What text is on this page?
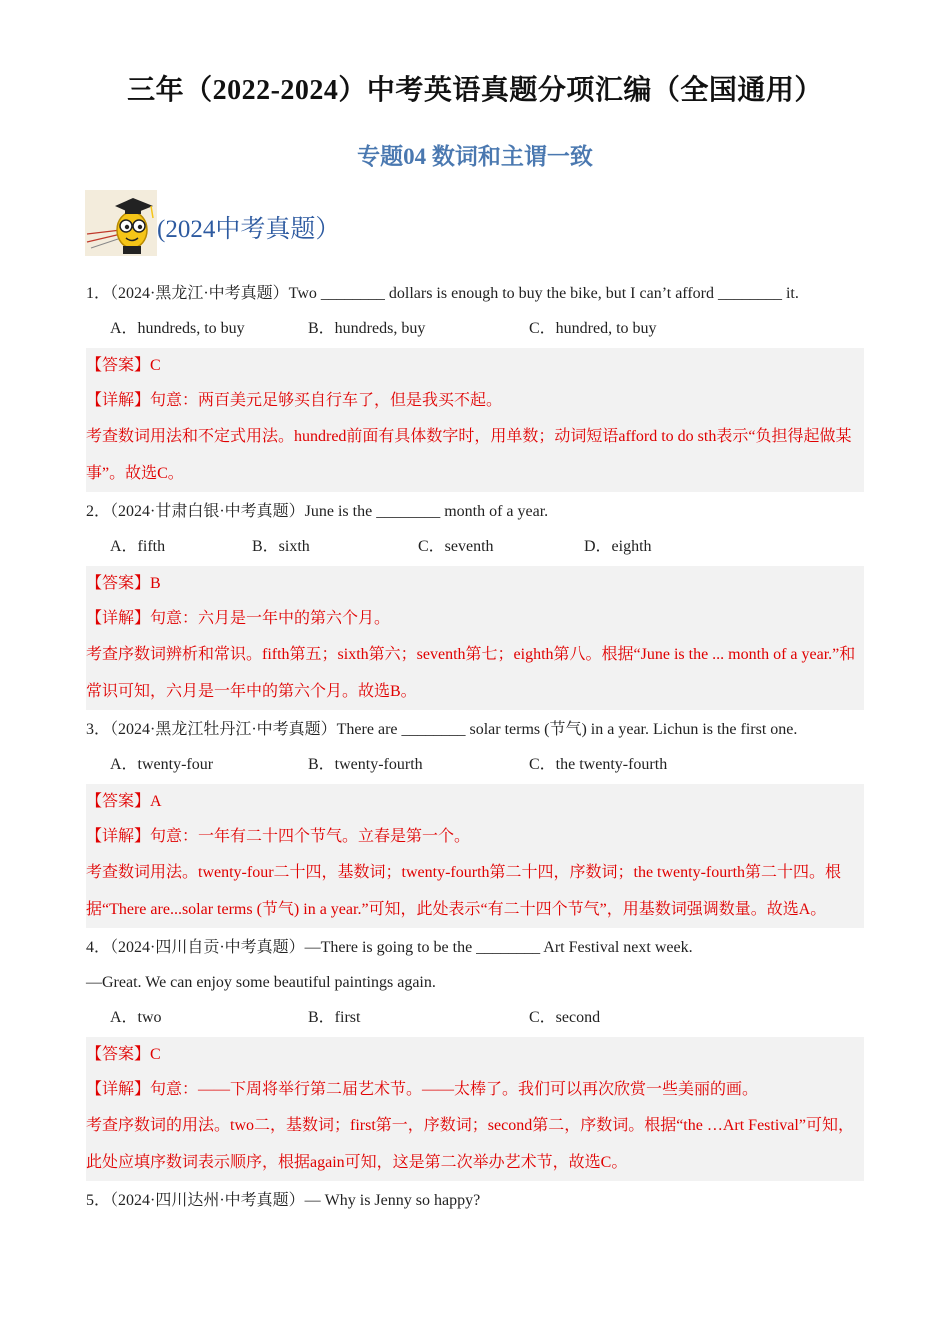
三年（2022-2024）中考英语真题分项汇编（全国通用）
专题04 数词和主谓一致
(2024中考真题）
1．（2024·黑龙江·中考真题）Two ________ dollars is enough to buy the bike, but I can’t afford ________ it.
A．hundreds, to buy	B．hundreds, buy	C．hundred, to buy

【答案】C

【详解】句意：两百美元足够买自行车了，但是我买不起。

考查数词用法和不定式用法。hundred前面有具体数字时，用单数；动词短语afford to do sth表示“负担得起做某事”。故选C。

2．（2024·甘肃白银·中考真题）June is the ________ month of a year.
A．fifth	B．sixth	C．seventh	D．eighth

【答案】B

【详解】句意：六月是一年中的第六个月。

考查序数词辨析和常识。fifth第五；sixth第六；seventh第七；eighth第八。根据“June is the ... month of a year.”和常识可知，六月是一年中的第六个月。故选B。

3．（2024·黑龙江牡丹江·中考真题）There are ________ solar terms (节气) in a year. Lichun is the first one.
A．twenty-four	B．twenty-fourth	C．the twenty-fourth

【答案】A

【详解】句意：一年有二十四个节气。立春是第一个。

考查数词用法。twenty-four二十四，基数词；twenty-fourth第二十四，序数词；the twenty-fourth第二十四。根据“There are...solar terms (节气) in a year.”可知，此处表示“有二十四个节气”，用基数词强调数量。故选A。

4．（2024·四川自贡·中考真题）—There is going to be the ________ Art Festival next week.
—Great. We can enjoy some beautiful paintings again.
A．two	B．first	C．second

【答案】C

【详解】句意：——下周将举行第二届艺术节。——太棒了。我们可以再次欣赏一些美丽的画。

考查序数词的用法。two二，基数词；first第一，序数词；second第二，序数词。根据“the …Art Festival”可知，此处应填序数词表示顺序，根据again可知，这是第二次举办艺术节，故选C。

5．（2024·四川达州·中考真题）— Why is Jenny so happy?
